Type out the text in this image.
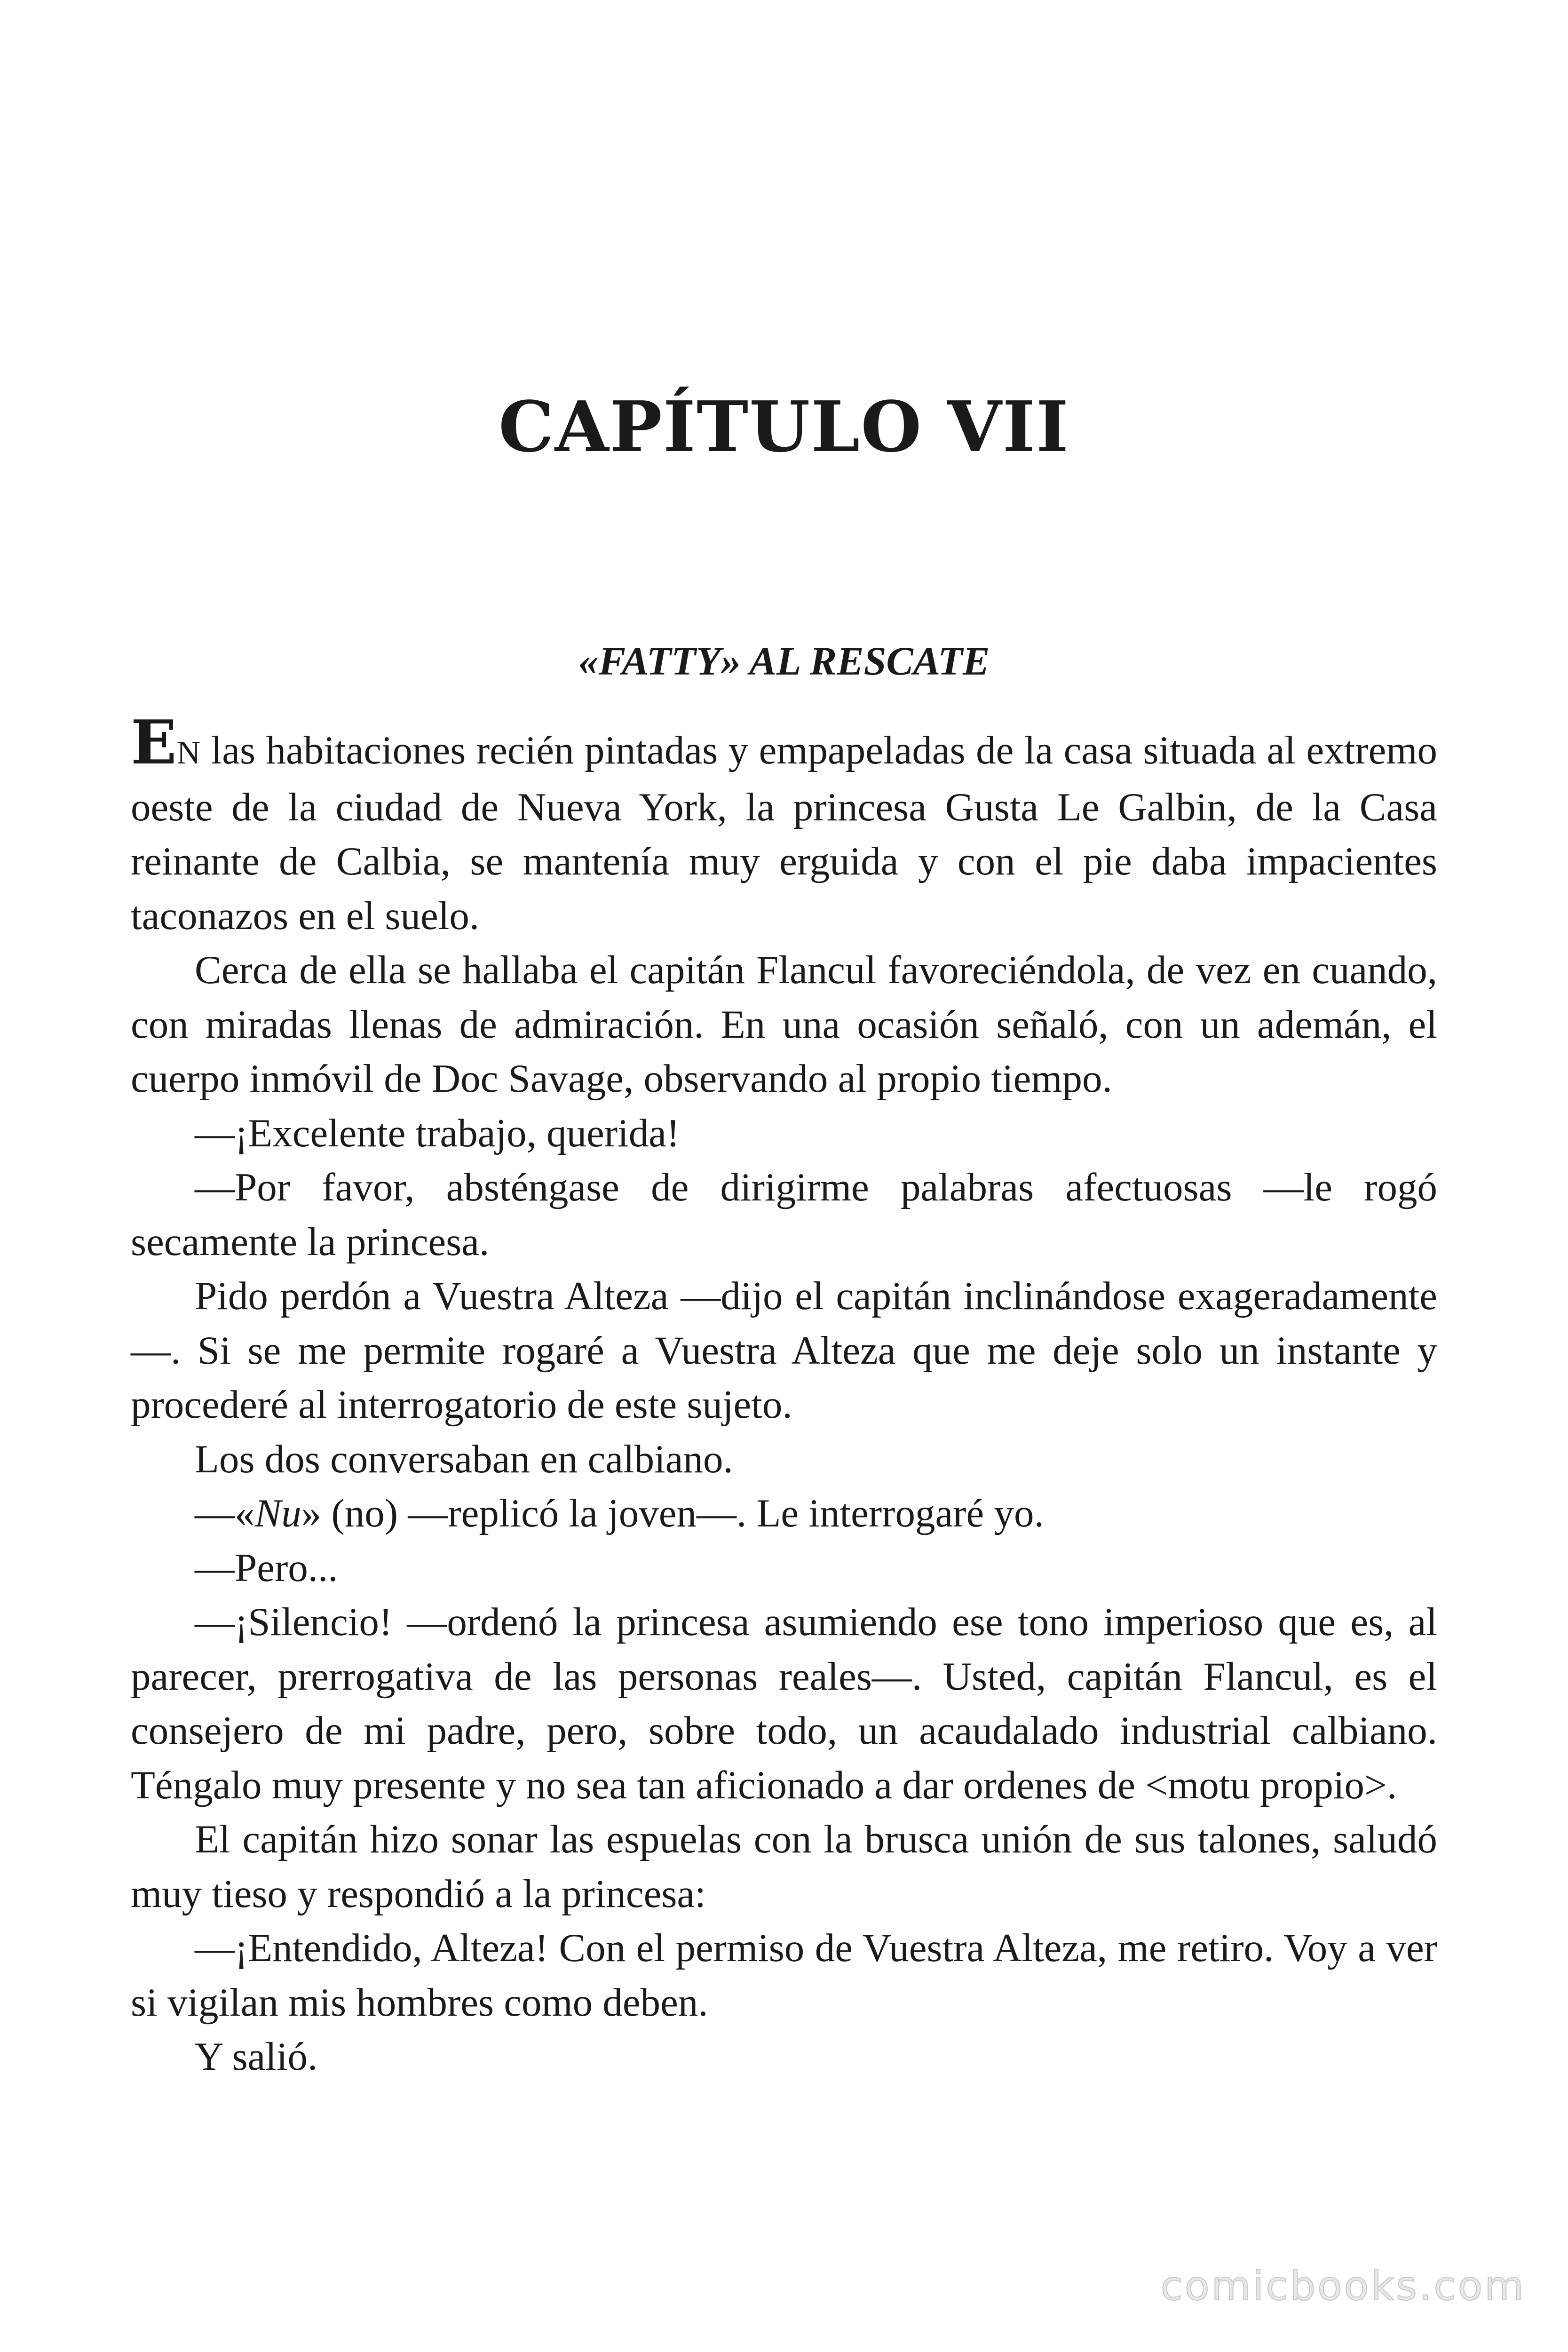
CAPÍTULO VII
«FATTY» AL RESCATE

EN las habitaciones recién pintadas y empapeladas de la casa situada al extremo oeste de la ciudad de Nueva York, la princesa Gusta Le Galbin, de la Casa reinante de Calbia, se mantenía muy erguida y con el pie daba impacientes taconazos en el suelo.

Cerca de ella se hallaba el capitán Flancul favoreciéndola, de vez en cuando, con miradas llenas de admiración. En una ocasión señaló, con un ademán, el cuerpo inmóvil de Doc Savage, observando al propio tiempo.

—¡Excelente trabajo, querida!

—Por favor, absténgase de dirigirme palabras afectuosas —le rogó secamente la princesa.

Pido perdón a Vuestra Alteza —dijo el capitán inclinándose exageradamente—. Si se me permite rogaré a Vuestra Alteza que me deje solo un instante y procederé al interrogatorio de este sujeto.

Los dos conversaban en calbiano.

—«Nu» (no) —replicó la joven—. Le interrogaré yo.

—Pero...

—¡Silencio! —ordenó la princesa asumiendo ese tono imperioso que es, al parecer, prerrogativa de las personas reales—. Usted, capitán Flancul, es el consejero de mi padre, pero, sobre todo, un acaudalado industrial calbiano. Téngalo muy presente y no sea tan aficionado a dar ordenes de <motu propio>.

El capitán hizo sonar las espuelas con la brusca unión de sus talones, saludó muy tieso y respondió a la princesa:

—¡Entendido, Alteza! Con el permiso de Vuestra Alteza, me retiro. Voy a ver si vigilan mis hombres como deben.

Y salió.

comicbooks.com
